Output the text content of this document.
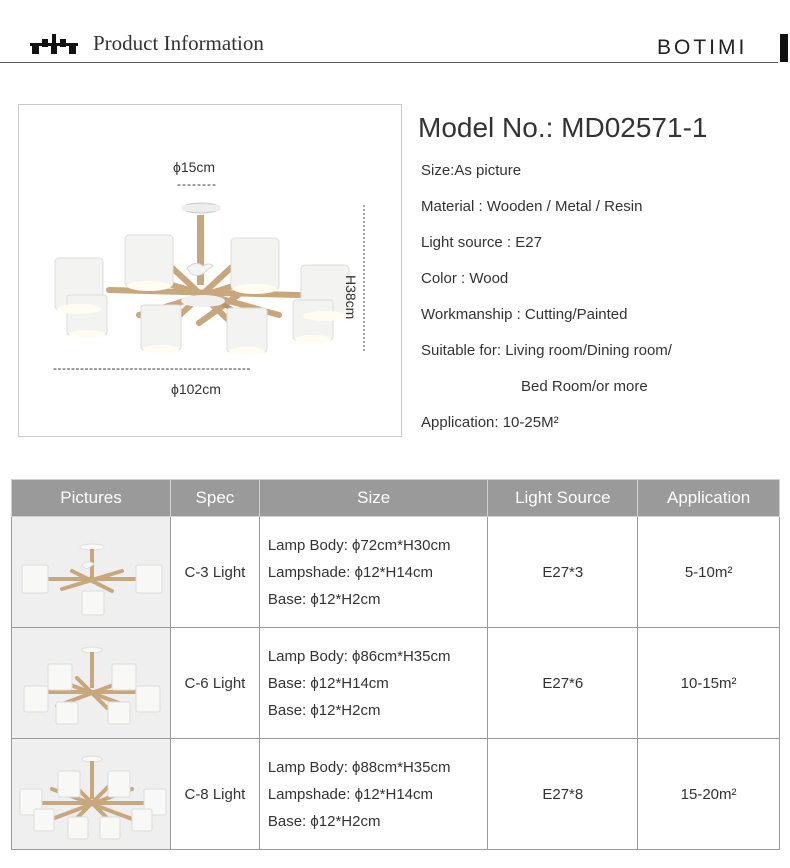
Product Information	BOTIMI
ϕ15cm
--------
H38cm
--------------------------------------------
ϕ102cm
Model No.: MD02571-1
Size:As picture
Material : Wooden / Metal / Resin
Light source : E27
Color : Wood
Workmanship : Cutting/Painted
Suitable for: Living room/Dining room/
Bed Room/or more
Application: 10-25M²
Pictures	Spec	Size	Light Source	Application

	C-3 Light	Lamp Body: ϕ72cm*H30cm
Lampshade: ϕ12*H14cm
Base: ϕ12*H2cm	E27*3	5-10m²

	C-6 Light	Lamp Body: ϕ86cm*H35cm
Base: ϕ12*H14cm
Base: ϕ12*H2cm	E27*6	10-15m²

	C-8 Light	Lamp Body: ϕ88cm*H35cm
Lampshade: ϕ12*H14cm
Base: ϕ12*H2cm	E27*8	15-20m²
